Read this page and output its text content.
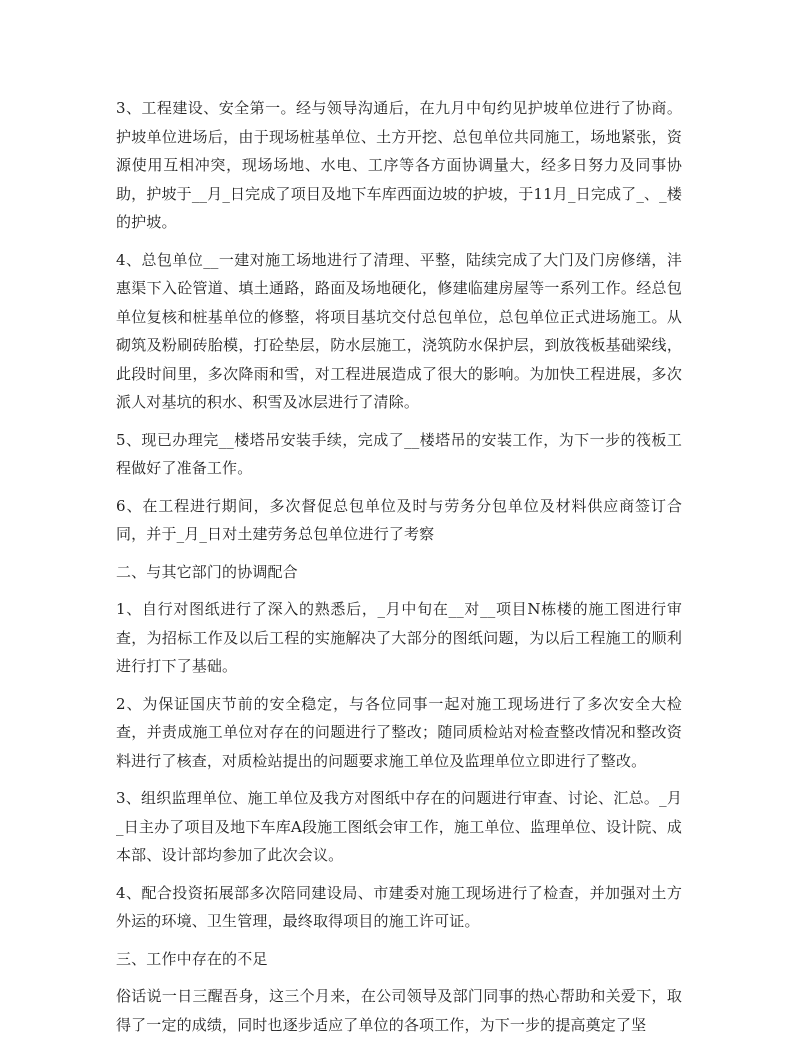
3、工程建设、安全第一。经与领导沟通后，在九月中旬约见护坡单位进行了协商。护坡单位进场后，由于现场桩基单位、土方开挖、总包单位共同施工，场地紧张，资源使用互相冲突，现场场地、水电、工序等各方面协调量大，经多日努力及同事协助，护坡于__月_日完成了项目及地下车库西面边坡的护坡，于11月_日完成了_、_楼的护坡。

4、总包单位__一建对施工场地进行了清理、平整，陆续完成了大门及门房修缮，沣惠渠下入砼管道、填土通路，路面及场地硬化，修建临建房屋等一系列工作。经总包单位复核和桩基单位的修整，将项目基坑交付总包单位，总包单位正式进场施工。从砌筑及粉刷砖胎模，打砼垫层，防水层施工，浇筑防水保护层，到放筏板基础梁线，此段时间里，多次降雨和雪，对工程进展造成了很大的影响。为加快工程进展，多次派人对基坑的积水、积雪及冰层进行了清除。

5、现已办理完__楼塔吊安装手续，完成了__楼塔吊的安装工作，为下一步的筏板工程做好了准备工作。

6、在工程进行期间，多次督促总包单位及时与劳务分包单位及材料供应商签订合同，并于_月_日对土建劳务总包单位进行了考察

二、与其它部门的协调配合

1、自行对图纸进行了深入的熟悉后，_月中旬在__对__项目N栋楼的施工图进行审查，为招标工作及以后工程的实施解决了大部分的图纸问题，为以后工程施工的顺利进行打下了基础。

2、为保证国庆节前的安全稳定，与各位同事一起对施工现场进行了多次安全大检查，并责成施工单位对存在的问题进行了整改；随同质检站对检查整改情况和整改资料进行了核查，对质检站提出的问题要求施工单位及监理单位立即进行了整改。

3、组织监理单位、施工单位及我方对图纸中存在的问题进行审查、讨论、汇总。_月_日主办了项目及地下车库A段施工图纸会审工作，施工单位、监理单位、设计院、成本部、设计部均参加了此次会议。

4、配合投资拓展部多次陪同建设局、市建委对施工现场进行了检查，并加强对土方外运的环境、卫生管理，最终取得项目的施工许可证。

三、工作中存在的不足

俗话说一日三醒吾身，这三个月来，在公司领导及部门同事的热心帮助和关爱下，取得了一定的成绩，同时也逐步适应了单位的各项工作，为下一步的提高奠定了坚
